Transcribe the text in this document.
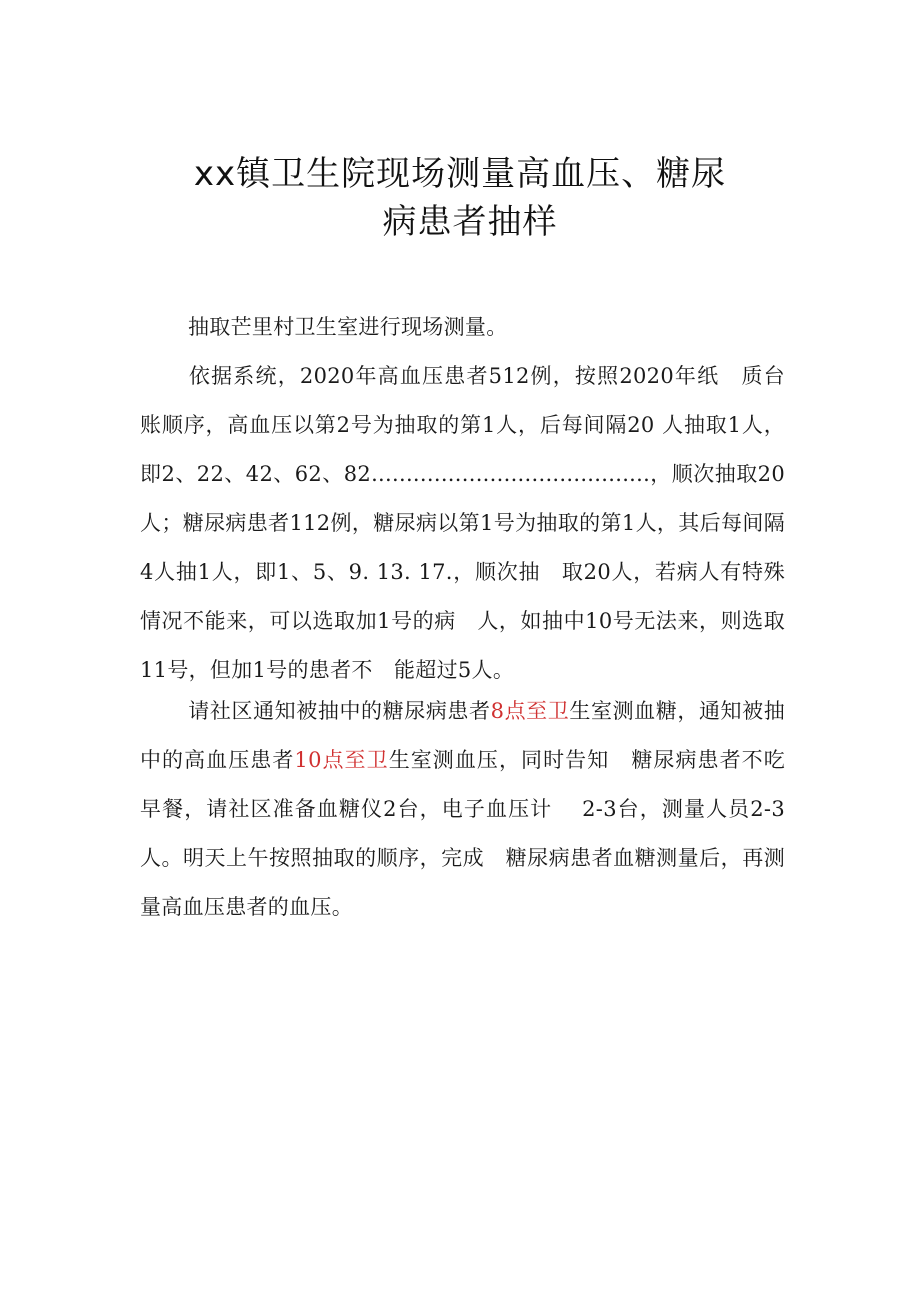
xx镇卫生院现场测量高血压、糖尿
病患者抽样
抽取芒里村卫生室进行现场测量。
依据系统，2020年高血压患者512例，按照2020年纸　质台账顺序，高血压以第2号为抽取的第1人，后每间隔20 人抽取1人，即2、22、42、62、82........................................，顺次抽取20人；糖尿病患者112例，糖尿病以第1号为抽取的第1人，其后每间隔4人抽1人，即1、5、9. 13. 17.，顺次抽　取20人，若病人有特殊情况不能来，可以选取加1号的病　人，如抽中10号无法来，则选取11号，但加1号的患者不　能超过5人。
请社区通知被抽中的糖尿病患者8点至卫生室测血糖，通知被抽中的高血压患者10点至卫生室测血压，同时告知　糖尿病患者不吃早餐，请社区准备血糖仪2台，电子血压计　 2-3台，测量人员2-3人。明天上午按照抽取的顺序，完成　糖尿病患者血糖测量后，再测量高血压患者的血压。
